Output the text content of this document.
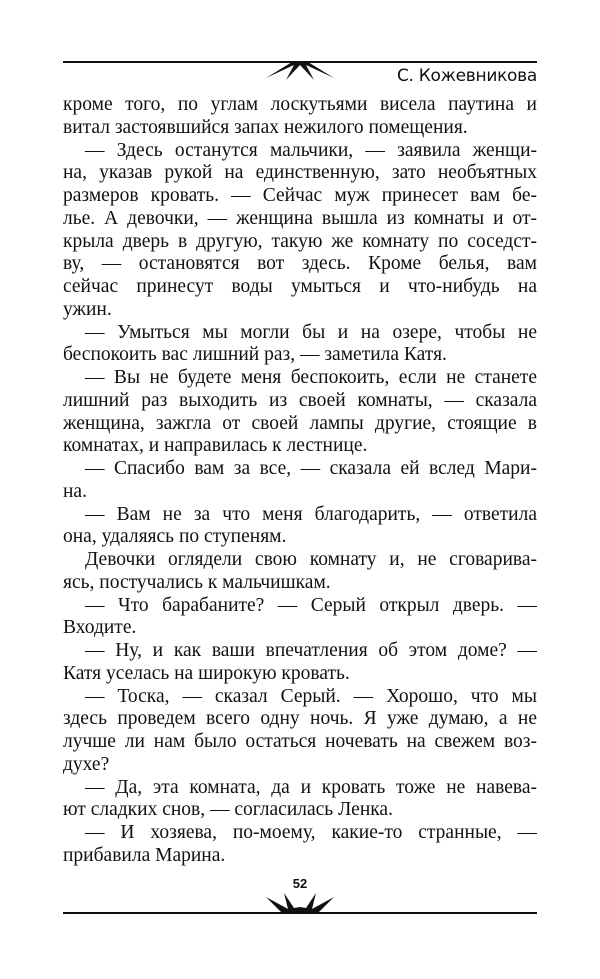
С. Кожевникова
кроме того, по углам лоскутьями висела паутина и
витал застоявшийся запах нежилого помещения.
— Здесь останутся мальчики, — заявила женщи-
на, указав рукой на единственную, зато необъятных
размеров кровать. — Сейчас муж принесет вам бе-
лье. А девочки, — женщина вышла из комнаты и от-
крыла дверь в другую, такую же комнату по соседст-
ву, — остановятся вот здесь. Кроме белья, вам
сейчас принесут воды умыться и что-нибудь на
ужин.
— Умыться мы могли бы и на озере, чтобы не
беспокоить вас лишний раз, — заметила Катя.
— Вы не будете меня беспокоить, если не станете
лишний раз выходить из своей комнаты, — сказала
женщина, зажгла от своей лампы другие, стоящие в
комнатах, и направилась к лестнице.
— Спасибо вам за все, — сказала ей вслед Мари-
на.
— Вам не за что меня благодарить, — ответила
она, удаляясь по ступеням.
Девочки оглядели свою комнату и, не сговарива-
ясь, постучались к мальчишкам.
— Что барабаните? — Серый открыл дверь. —
Входите.
— Ну, и как ваши впечатления об этом доме? —
Катя уселась на широкую кровать.
— Тоска, — сказал Серый. — Хорошо, что мы
здесь проведем всего одну ночь. Я уже думаю, а не
лучше ли нам было остаться ночевать на свежем воз-
духе?
— Да, эта комната, да и кровать тоже не навева-
ют сладких снов, — согласилась Ленка.
— И хозяева, по-моему, какие-то странные, —
прибавила Марина.
52
